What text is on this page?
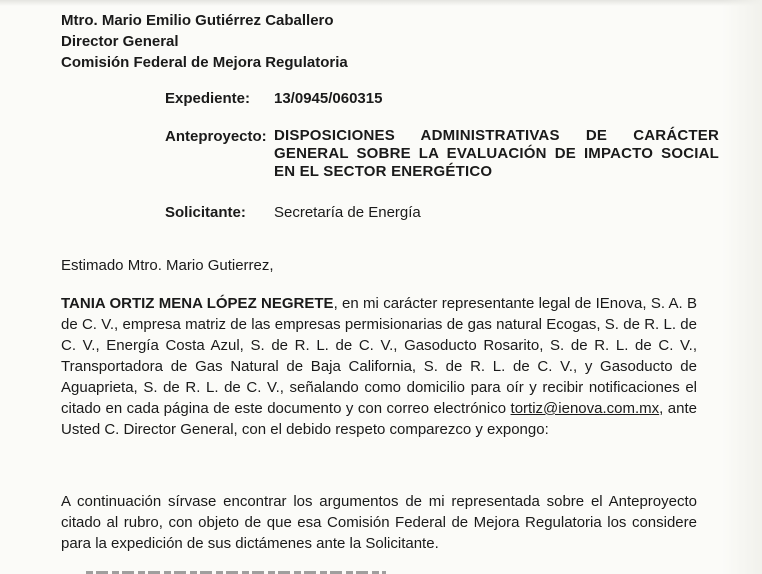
Mtro. Mario Emilio Gutiérrez Caballero
Director General
Comisión Federal de Mejora Regulatoria
Expediente: 13/0945/060315
Anteproyecto: DISPOSICIONES ADMINISTRATIVAS DE CARÁCTER GENERAL SOBRE LA EVALUACIÓN DE IMPACTO SOCIAL EN EL SECTOR ENERGÉTICO
Solicitante: Secretaría de Energía
Estimado Mtro. Mario Gutierrez,
TANIA ORTIZ MENA LÓPEZ NEGRETE, en mi carácter representante legal de IEnova, S. A. B de C. V., empresa matriz de las empresas permisionarias de gas natural Ecogas, S. de R. L. de C. V., Energía Costa Azul, S. de R. L. de C. V., Gasoducto Rosarito, S. de R. L. de C. V., Transportadora de Gas Natural de Baja California, S. de R. L. de C. V., y Gasoducto de Aguaprieta, S. de R. L. de C. V., señalando como domicilio para oír y recibir notificaciones el citado en cada página de este documento y con correo electrónico tortiz@ienova.com.mx, ante Usted C. Director General, con el debido respeto comparezco y expongo:
A continuación sírvase encontrar los argumentos de mi representada sobre el Anteproyecto citado al rubro, con objeto de que esa Comisión Federal de Mejora Regulatoria los considere para la expedición de sus dictámenes ante la Solicitante.
